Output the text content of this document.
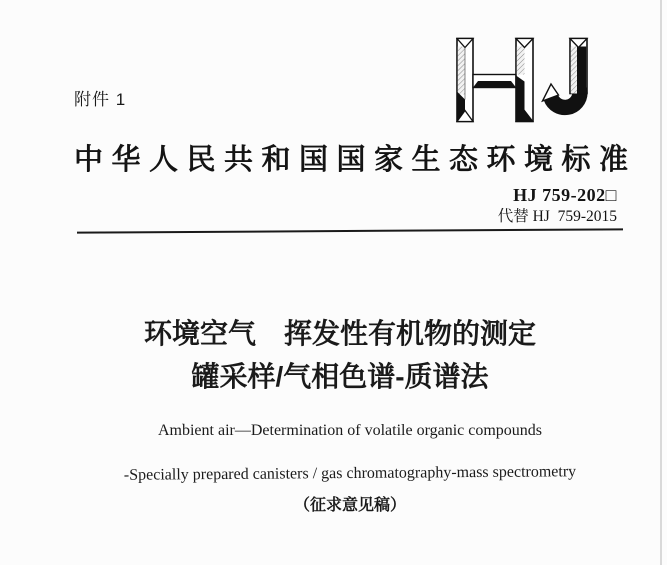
附件 1
中华人民共和国国家生态环境标准
HJ 759-202□
代替 HJ  759-2015
环境空气　挥发性有机物的测定
罐采样/气相色谱-质谱法
Ambient air—Determination of volatile organic compounds
-Specially prepared canisters / gas chromatography-mass spectrometry
（征求意见稿）
